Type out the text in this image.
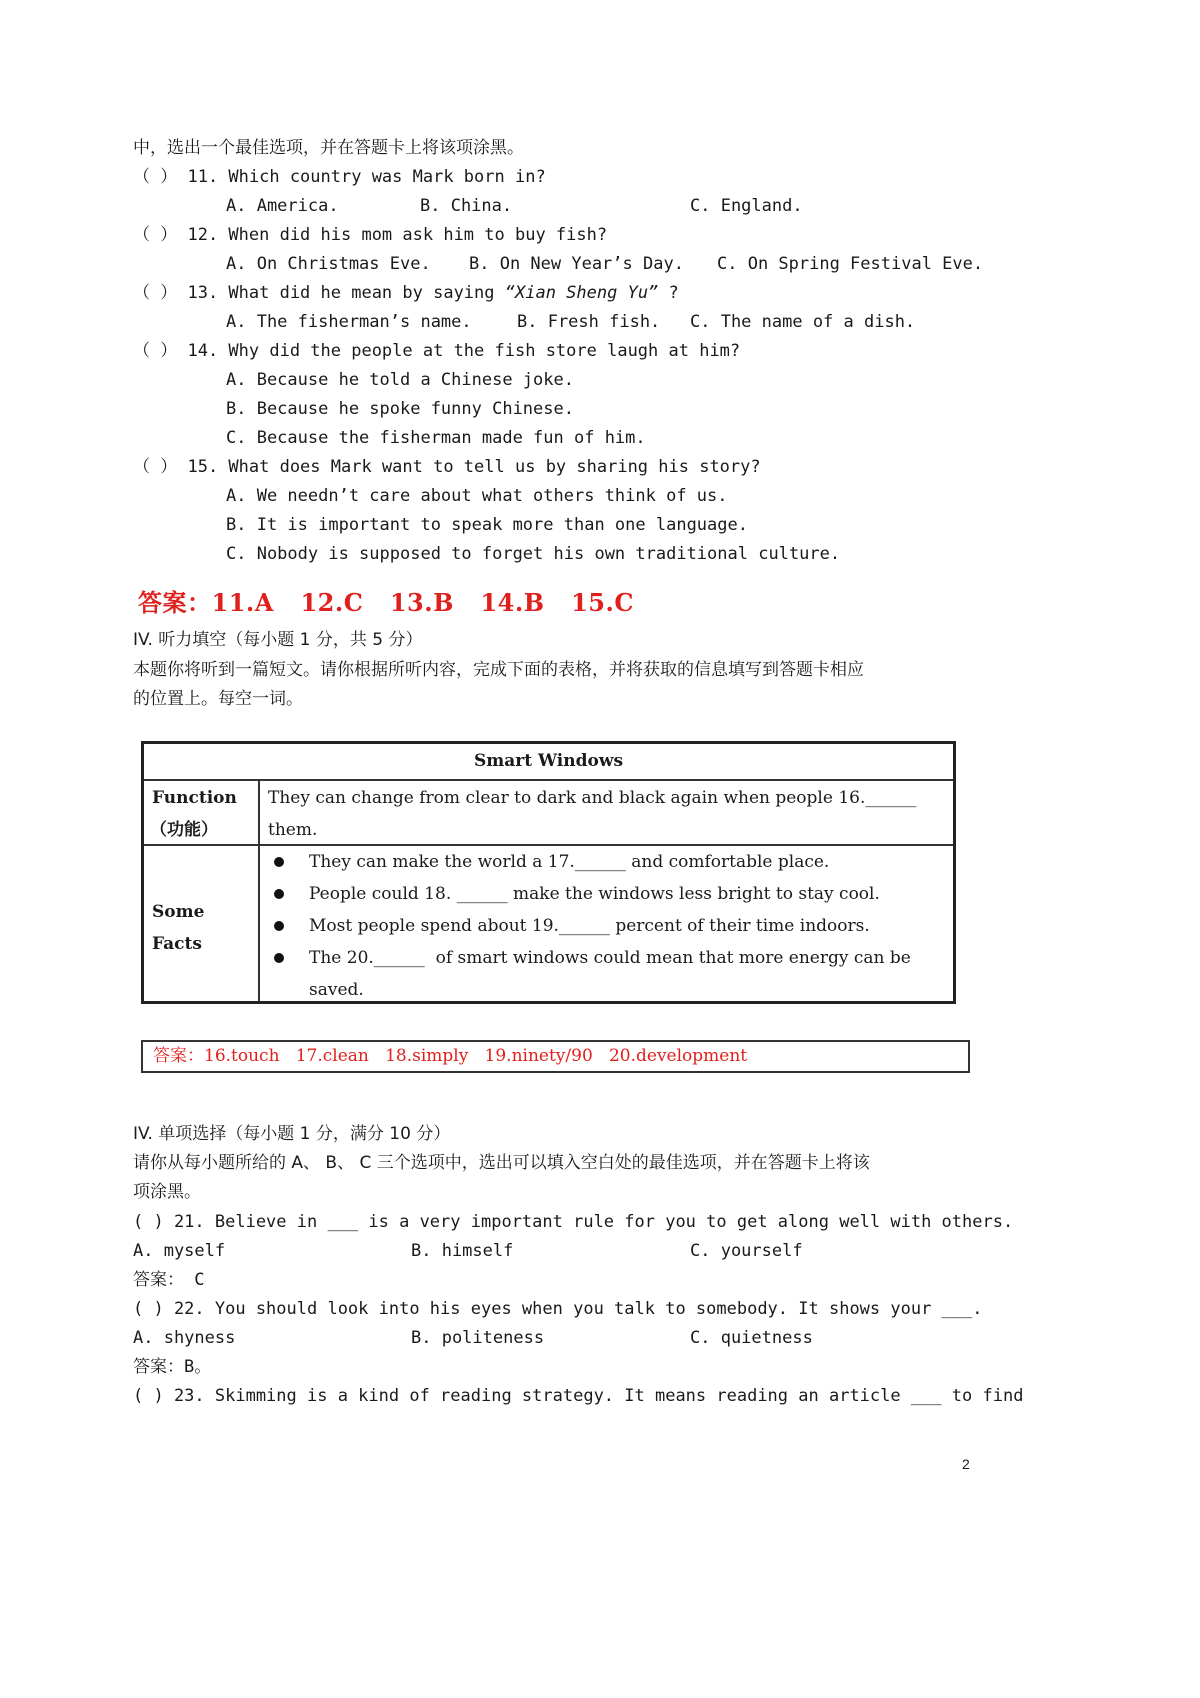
中，选出一个最佳选项，并在答题卡上将该项涂黑。
（ ） 11. Which country was Mark born in?
A. America.	B. China.	C. England.
（ ） 12. When did his mom ask him to buy fish?
A. On Christmas Eve. B. On New Year’s Day. C. On Spring Festival Eve.
（ ） 13. What did he mean by saying “Xian Sheng Yu” ?
A. The fisherman’s name.	B. Fresh fish. C. The name of a dish.
（ ） 14. Why did the people at the fish store laugh at him?
A. Because he told a Chinese joke.
B. Because he spoke funny Chinese.
C. Because the fisherman made fun of him.
（ ） 15. What does Mark want to tell us by sharing his story?
A. We needn’t care about what others think of us.
B. It is important to speak more than one language.
C. Nobody is supposed to forget his own traditional culture.
答案：11.A   12.C   13.B   14.B   15.C
IV. 听力填空（每小题 1 分，共 5 分）
本题你将听到一篇短文。请你根据所听内容，完成下面的表格，并将获取的信息填写到答题卡相应
的位置上。每空一词。
Smart Windows
Function
（功能）
They can change from clear to dark and black again when people 16.______
them.
Some
Facts
They can make the world a 17.______ and comfortable place.
People could 18. ______ make the windows less bright to stay cool.
Most people spend about 19.______ percent of their time indoors.
The 20.______  of smart windows could mean that more energy can be
saved.
答案：16.touch   17.clean   18.simply   19.ninety/90   20.development
IV. 单项选择（每小题 1 分，满分 10 分）
请你从每小题所给的 A、 B、 C 三个选项中，选出可以填入空白处的最佳选项，并在答题卡上将该
项涂黑。
( ) 21. Believe in ___ is a very important rule for you to get along well with others.
A. myself	B. himself	C. yourself
答案： C
( ) 22. You should look into his eyes when you talk to somebody. It shows your ___.
A. shyness	B. politeness	C. quietness
答案：B。
( ) 23. Skimming is a kind of reading strategy. It means reading an article ___ to find
2
